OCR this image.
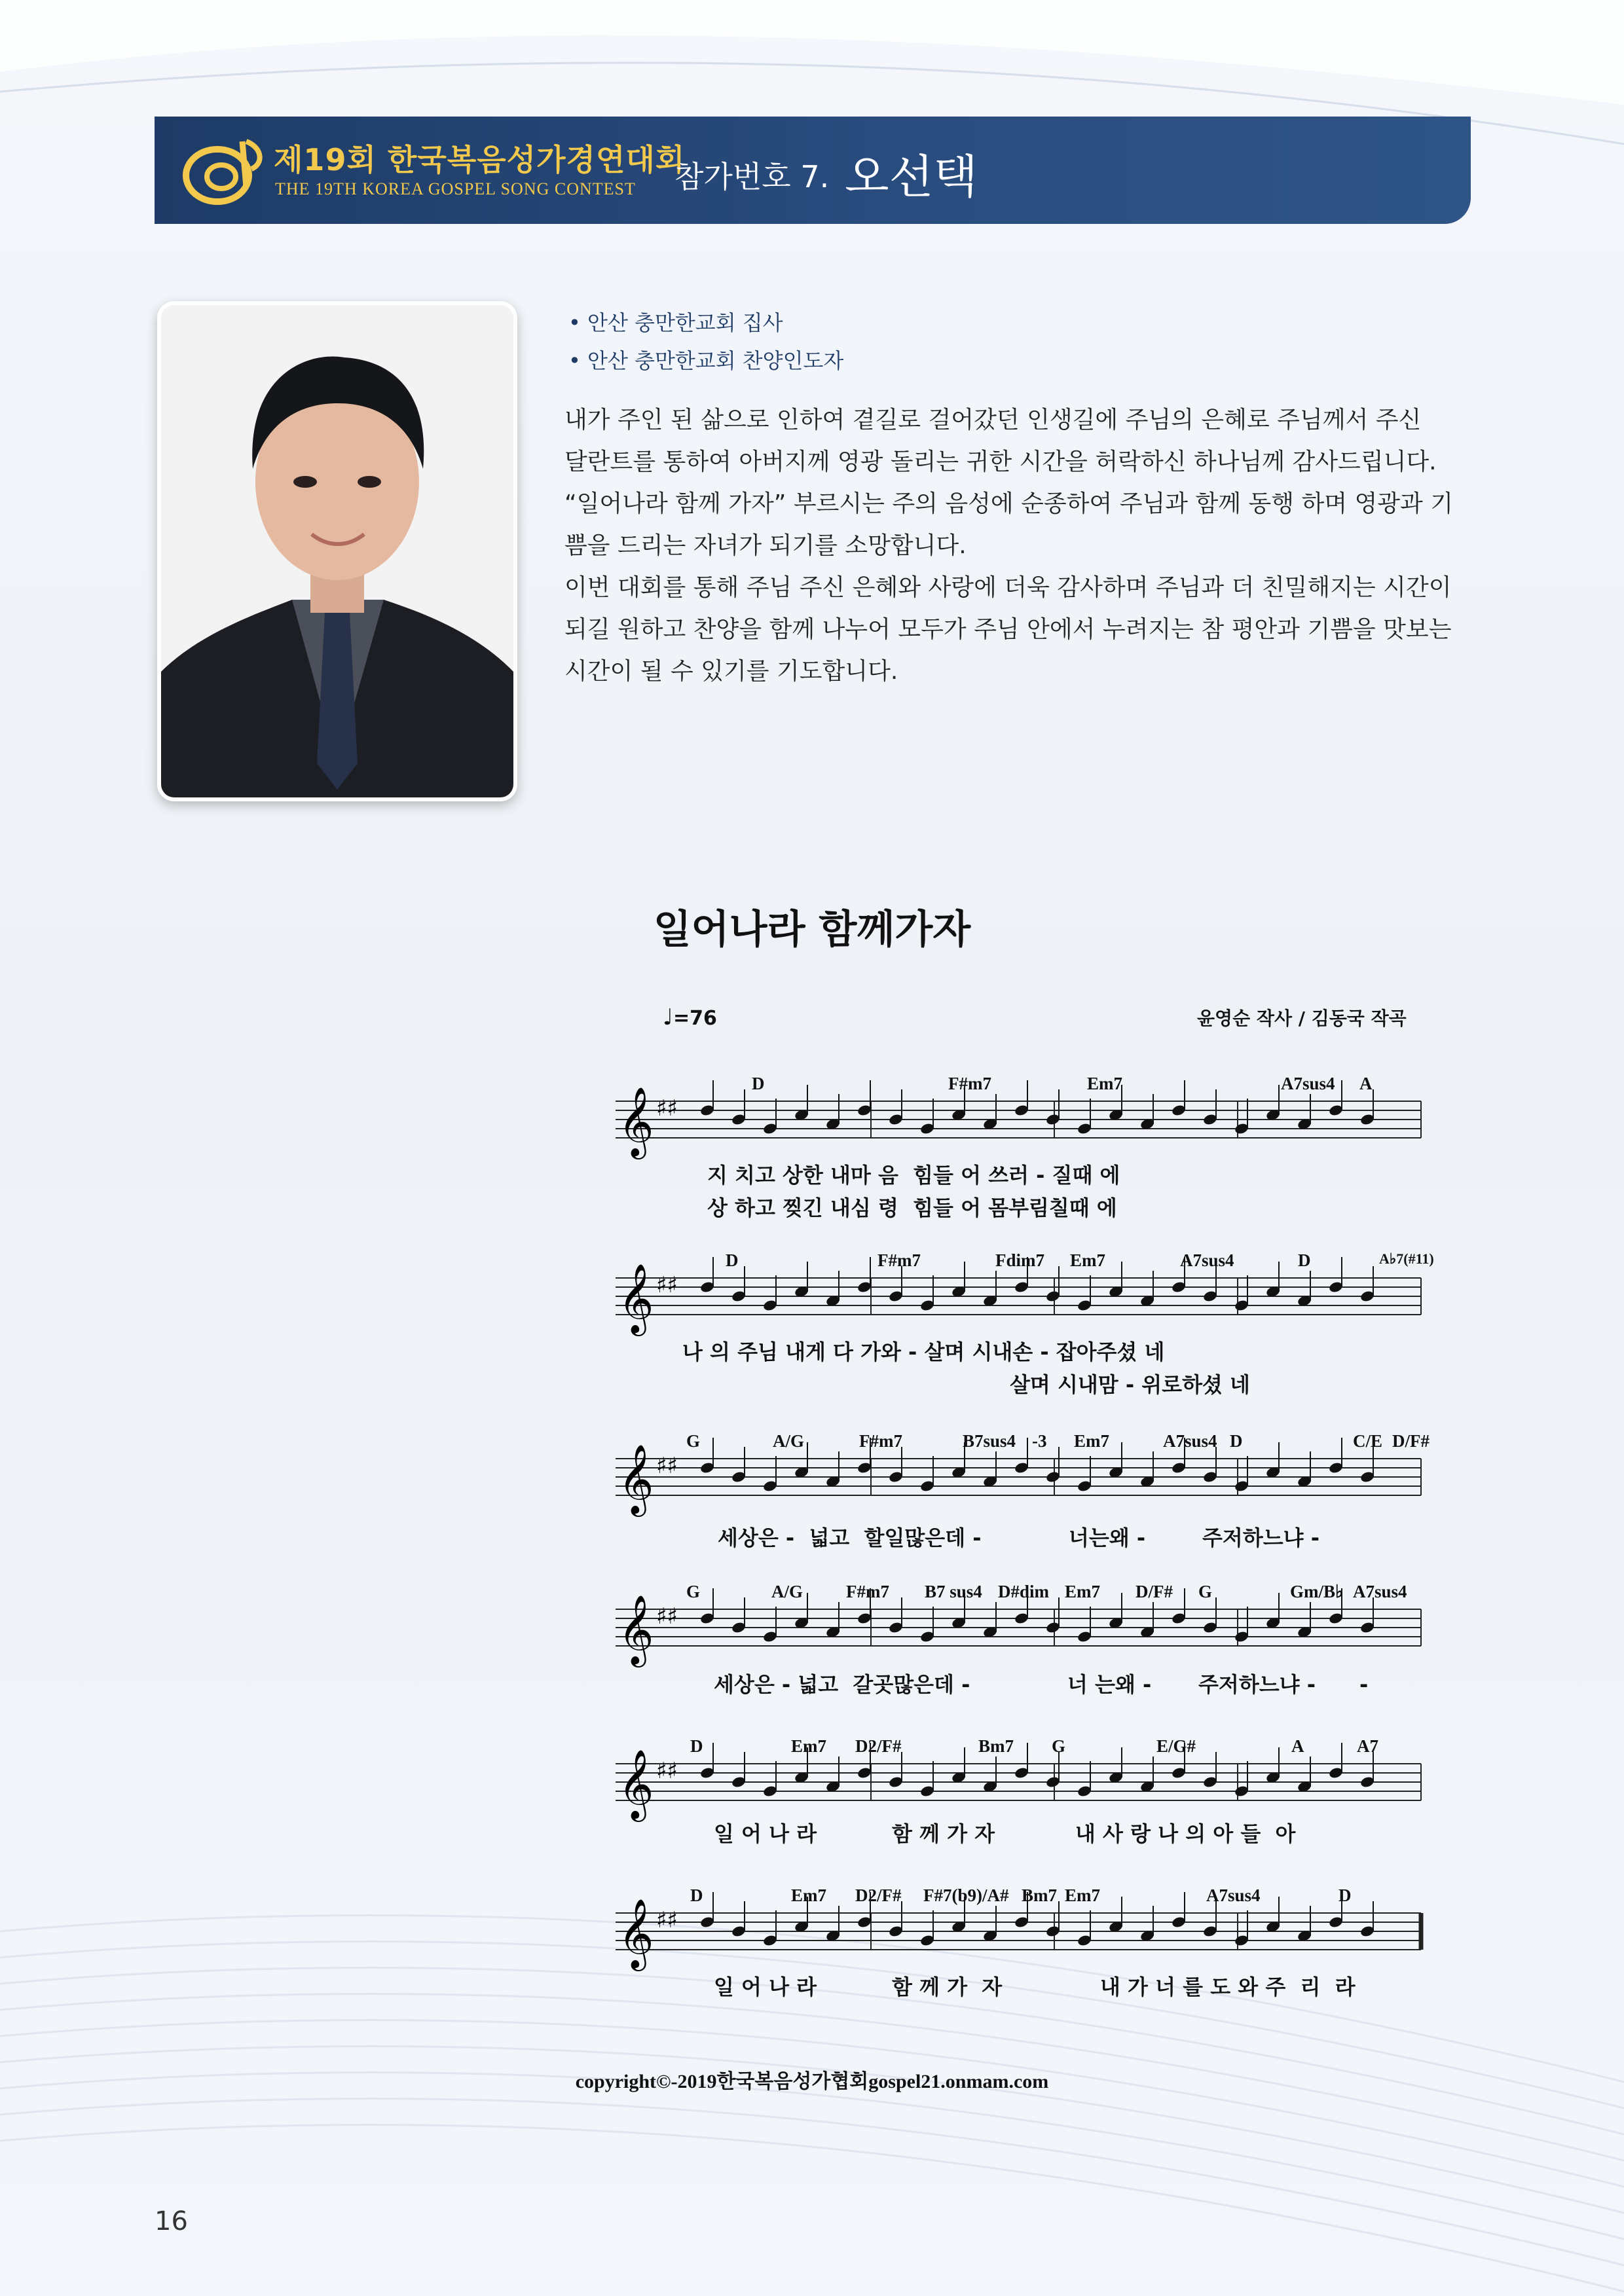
제19회 한국복음성가경연대회
THE 19TH KOREA GOSPEL SONG CONTEST 참가번호 7. 오선택
• 안산 충만한교회 집사
• 안산 충만한교회 찬양인도자

내가 주인 된 삶으로 인하여 곁길로 걸어갔던 인생길에 주님의 은혜로 주님께서 주신

달란트를 통하여 아버지께 영광 돌리는 귀한 시간을 허락하신 하나님께 감사드립니다.

“일어나라 함께 가자” 부르시는 주의 음성에 순종하여 주님과 함께 동행 하며 영광과 기

쁨을 드리는 자녀가 되기를 소망합니다.

이번 대회를 통해 주님 주신 은혜와 사랑에 더욱 감사하며 주님과 더 친밀해지는 시간이

되길 원하고 찬양을 함께 나누어 모두가 주님 안에서 누려지는 참 평안과 기쁨을 맛보는

시간이 될 수 있기를 기도합니다.

일어나라 함께가자
♩=76	윤영순 작사 / 김동국 작곡
𝄞 ♯♯
𝄞 ♯♯
𝄞 ♯♯
𝄞 ♯♯
𝄞 ♯♯
𝄞 ♯♯
D	F#m7	Em7	A7sus4 A
지 치고 상한 내마 음  힘들 어 쓰러 - 질때 에
상 하고 찢긴 내심 령  힘들 어 몸부림칠때 에
D	F#m7	Fdim7 Em7	A7sus4	D	A♭7(#11)
나 의 주님 내게 다 가와 - 살며 시내손 - 잡아주셨 네
살며 시내맘 - 위로하셨 네
G	A/G	F#m7	B7sus4 -3 Em7	A7sus4 D	C/E D/F#
세상은 -  넓고  할일많은데 -	너는왜 -	주저하느냐 -
G	A/G F#m7 B7 sus4 D#dim Em7 D/F# G	Gm/B♭ A7sus4
세상은 - 넓고  갈곳많은데 -	너 는왜 - 주저하느냐 - -
D	Em7 D2/F#	Bm7 G	E/G#	A	A7
일 어 나 라	함 께 가 자	내 사 랑 나 의 아 들  아
D	Em7 D2/F# F#7(b9)/A# Bm7 Em7	A7sus4	D
일 어 나 라	함 께 가  자	내 가 너 를 도 와 주  리  라
copyright©-2019한국복음성가협회gospel21.onmam.com
16
